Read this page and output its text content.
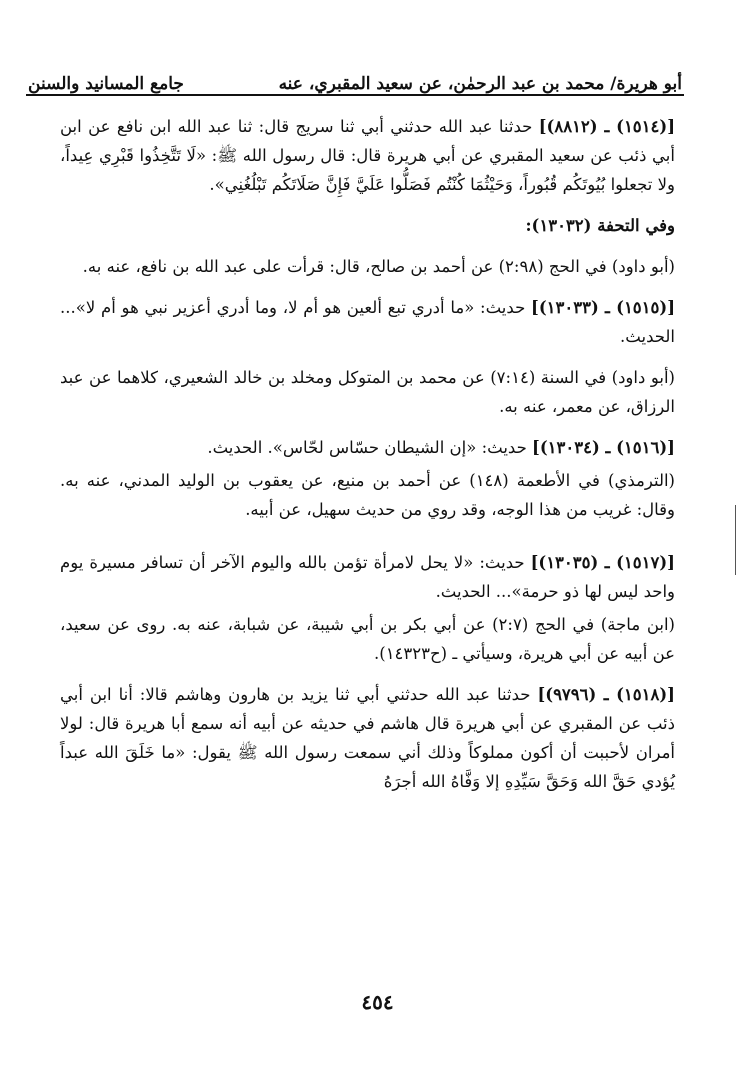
أبو هريرة/ محمد بن عبد الرحمٰن، عن سعيد المقبري، عنه
جامع المسانيد والسنن

[(١٥١٤) ـ (٨٨١٢)] حدثنا عبد الله حدثني أبي ثنا سريج قال: ثنا عبد الله ابن نافع عن ابن أبي ذئب عن سعيد المقبري عن أبي هريرة قال: قال رسول الله ﷺ: «لَا تَتَّخِذُوا قَبْرِي عِيداً، ولا تجعلوا بُيُوتَكُم قُبُوراً، وَحَيْثُمَا كُنْتُم فَصَلُّوا عَلَيَّ فَإِنَّ صَلَاتَكُم تَبْلُغُنِي».

وفي التحفة (١٣٠٣٢):

(أبو داود) في الحج (٢:٩٨) عن أحمد بن صالح، قال: قرأت على عبد الله بن نافع، عنه به.

[(١٥١٥) ـ (١٣٠٣٣)] حديث: «ما أدري تبع ألعين هو أم لا، وما أدري أعزير نبي هو أم لا»... الحديث.

(أبو داود) في السنة (٧:١٤) عن محمد بن المتوكل ومخلد بن خالد الشعيري، كلاهما عن عبد الرزاق، عن معمر، عنه به.

[(١٥١٦) ـ (١٣٠٣٤)] حديث: «إن الشيطان حسّاس لحّاس». الحديث.

(الترمذي) في الأطعمة (١٤٨) عن أحمد بن منيع، عن يعقوب بن الوليد المدني، عنه به. وقال: غريب من هذا الوجه، وقد روي من حديث سهيل، عن أبيه.

[(١٥١٧) ـ (١٣٠٣٥)] حديث: «لا يحل لامرأة تؤمن بالله واليوم الآخر أن تسافر مسيرة يوم واحد ليس لها ذو حرمة»... الحديث.

(ابن ماجة) في الحج (٢:٧) عن أبي بكر بن أبي شيبة، عن شبابة، عنه به. روى عن سعيد، عن أبيه عن أبي هريرة، وسيأتي ـ (ح١٤٣٢٣).

[(١٥١٨) ـ (٩٧٩٦)] حدثنا عبد الله حدثني أبي ثنا يزيد بن هارون وهاشم قالا: أنا ابن أبي ذئب عن المقبري عن أبي هريرة قال هاشم في حديثه عن أبيه أنه سمع أبا هريرة قال: لولا أمران لأحببت أن أكون مملوكاً وذلك أني سمعت رسول الله ﷺ يقول: «ما خَلَقَ الله عبداً يُؤدي حَقَّ الله وَحَقَّ سَيِّدِهِ إلا وَفَّاهُ الله أجرَهُ

٤٥٤
